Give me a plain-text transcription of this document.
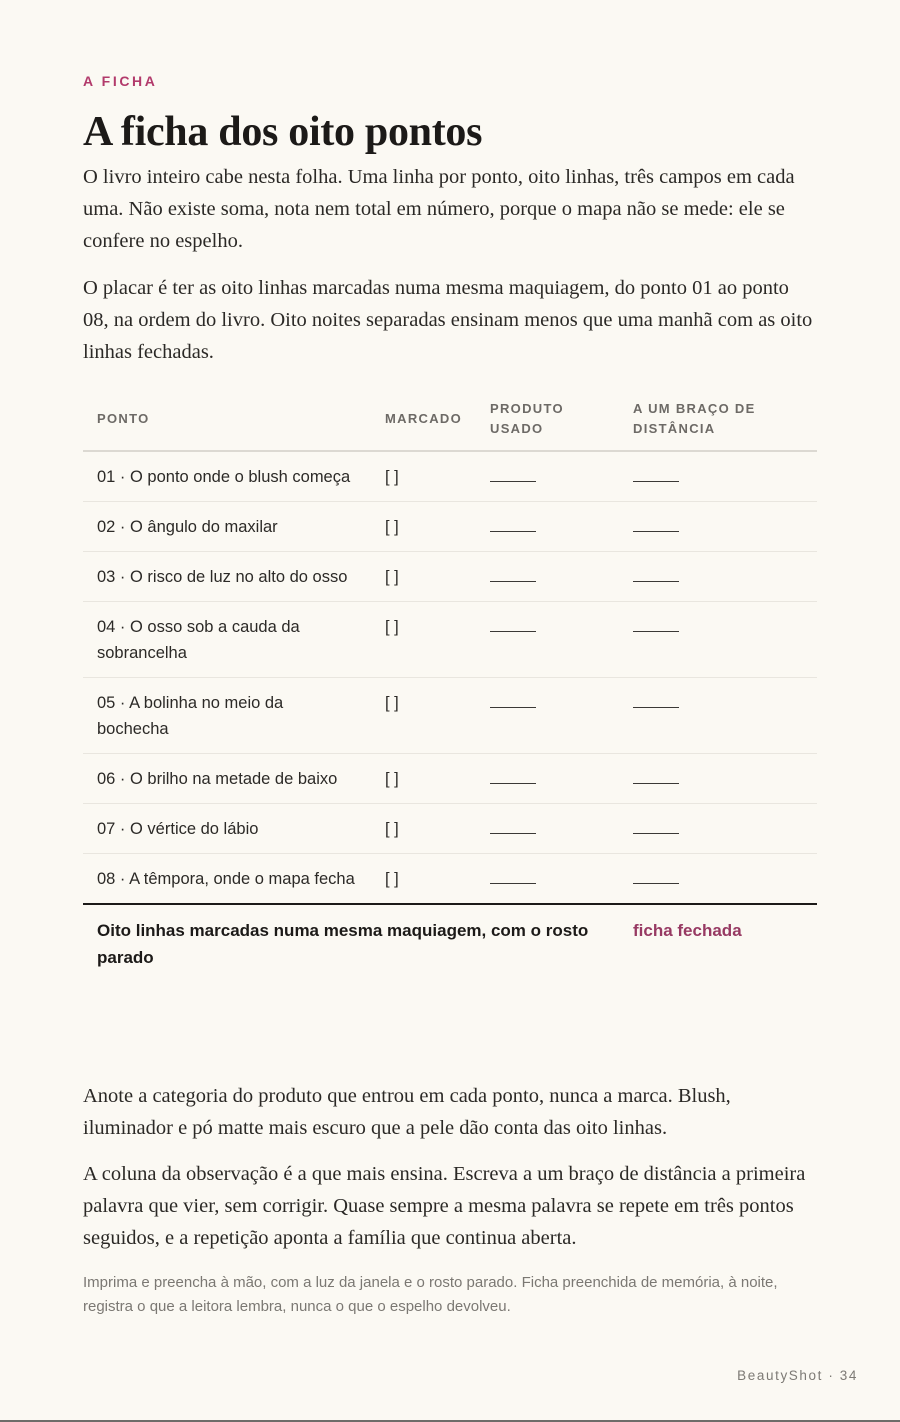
A FICHA
A ficha dos oito pontos

O livro inteiro cabe nesta folha. Uma linha por ponto, oito linhas, três campos em cada uma. Não existe soma, nota nem total em número, porque o mapa não se mede: ele se confere no espelho.

O placar é ter as oito linhas marcadas numa mesma maquiagem, do ponto 01 ao ponto 08, na ordem do livro. Oito noites separadas ensinam menos que uma manhã com as oito linhas fechadas.

PONTO	MARCADO	PRODUTO USADO	A UM BRAÇO DE DISTÂNCIA
01 · O ponto onde o blush começa	[ ]		
02 · O ângulo do maxilar	[ ]		
03 · O risco de luz no alto do osso	[ ]		
04 · O osso sob a cauda da sobrancelha	[ ]		
05 · A bolinha no meio da bochecha	[ ]		
06 · O brilho na metade de baixo	[ ]		
07 · O vértice do lábio	[ ]		
08 · A têmpora, onde o mapa fecha	[ ]		
Oito linhas marcadas numa mesma maquiagem, com o rosto parado			ficha fechada

Anote a categoria do produto que entrou em cada ponto, nunca a marca. Blush, iluminador e pó matte mais escuro que a pele dão conta das oito linhas.

A coluna da observação é a que mais ensina. Escreva a um braço de distância a primeira palavra que vier, sem corrigir. Quase sempre a mesma palavra se repete em três pontos seguidos, e a repetição aponta a família que continua aberta.

Imprima e preencha à mão, com a luz da janela e o rosto parado. Ficha preenchida de memória, à noite, registra o que a leitora lembra, nunca o que o espelho devolveu.

BeautyShot · 34
